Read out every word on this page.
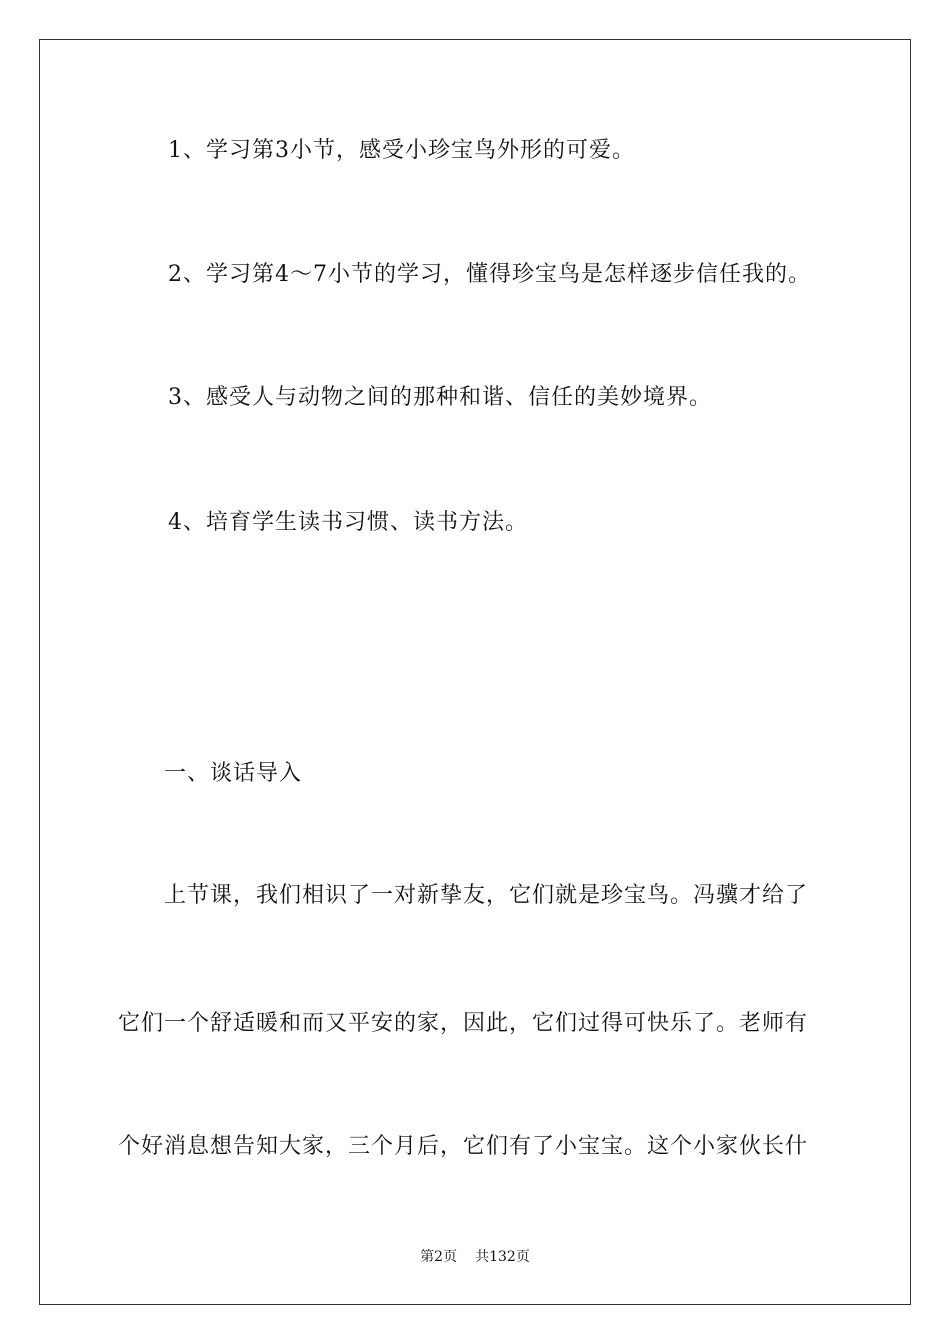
1、学习第3小节，感受小珍宝鸟外形的可爱。
2、学习第4～7小节的学习，懂得珍宝鸟是怎样逐步信任我的。
3、感受人与动物之间的那种和谐、信任的美妙境界。
4、培育学生读书习惯、读书方法。
一、谈话导入
上节课，我们相识了一对新挚友，它们就是珍宝鸟。冯骥才给了
它们一个舒适暖和而又平安的家，因此，它们过得可快乐了。老师有
个好消息想告知大家，三个月后，它们有了小宝宝。这个小家伙长什
第2页 共132页
